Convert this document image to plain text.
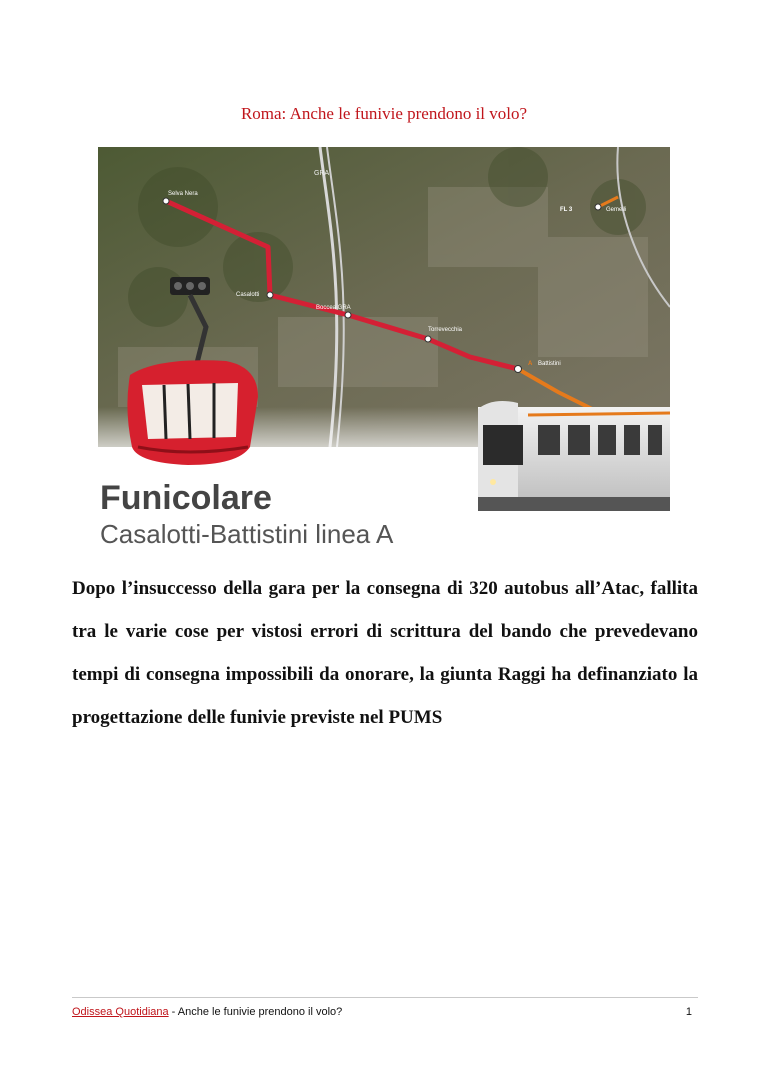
Roma: Anche le funivie prendono il volo?
GRA
Selva Nera
Casalotti
Boccea GRA
Torrevecchia
Battistini
Gemelli
A
FL 3
Funicolare
Casalotti-Battistini linea A
Dopo l’insuccesso della gara per la consegna di 320 autobus all’Atac, fallita tra le varie cose per vistosi errori di scrittura del bando che prevedevano tempi di consegna impossibili da onorare, la giunta Raggi ha definanziato la progettazione delle funivie previste nel PUMS
Odissea Quotidiana - Anche le funivie prendono il volo?	1
